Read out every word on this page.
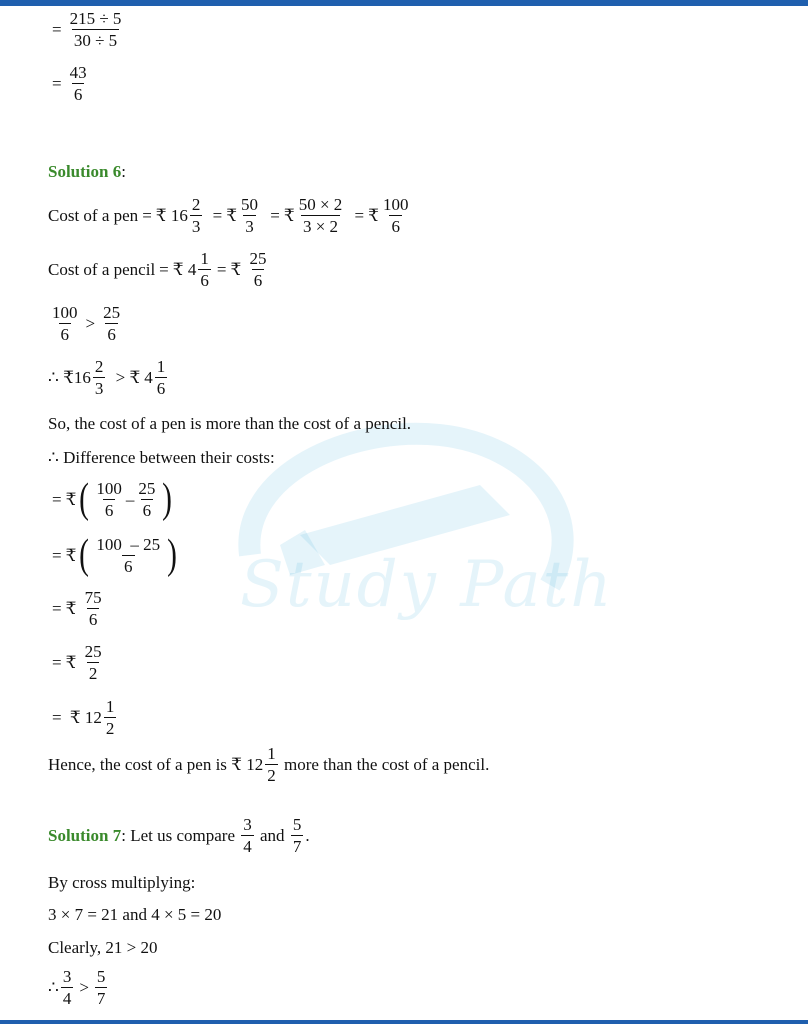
Study Path
= $\frac{215 \div 5}{30 \div 5}$
= $\frac{43}{6}$
Solution 6 :
Cost of a pen = ₹
$16 \frac{2}{3}$ = ₹ $\frac{50}{3}$ = ₹ $\frac{50 \times 2}{3 \times 2}$ = ₹ $\frac{100}{6}$
Cost of a pencil = ₹
$4 \frac{1}{6}$ = ₹
$\frac{25}{6}$
$\frac{100}{6} > \frac{25}{6}$
∴ ₹ $16 \frac{2}{3}$ > ₹ $4 \frac{1}{6}$
So, the cost of a pen is more than the cost of a pencil.
∴ Difference between their costs:
= ₹ ( $\frac{100}{6} - \frac{25}{6}$ )
= ₹ ( $\frac{100 - 25}{6}$ )
= ₹
$\frac{75}{6}$
= ₹
$\frac{25}{2}$
= ₹
$12 \frac{1}{2}$
Hence, the cost of a pen is ₹
$12 \frac{1}{2}$
more than the cost of a pencil.
Solution 7 : Let us compare
$\frac{3}{4}$
and
$\frac{5}{7}$ .
By cross multiplying:
3 × 7 = 21 and 4 × 5 = 20
Clearly, 21 > 20
∴ $\frac{3}{4} > \frac{5}{7}$
